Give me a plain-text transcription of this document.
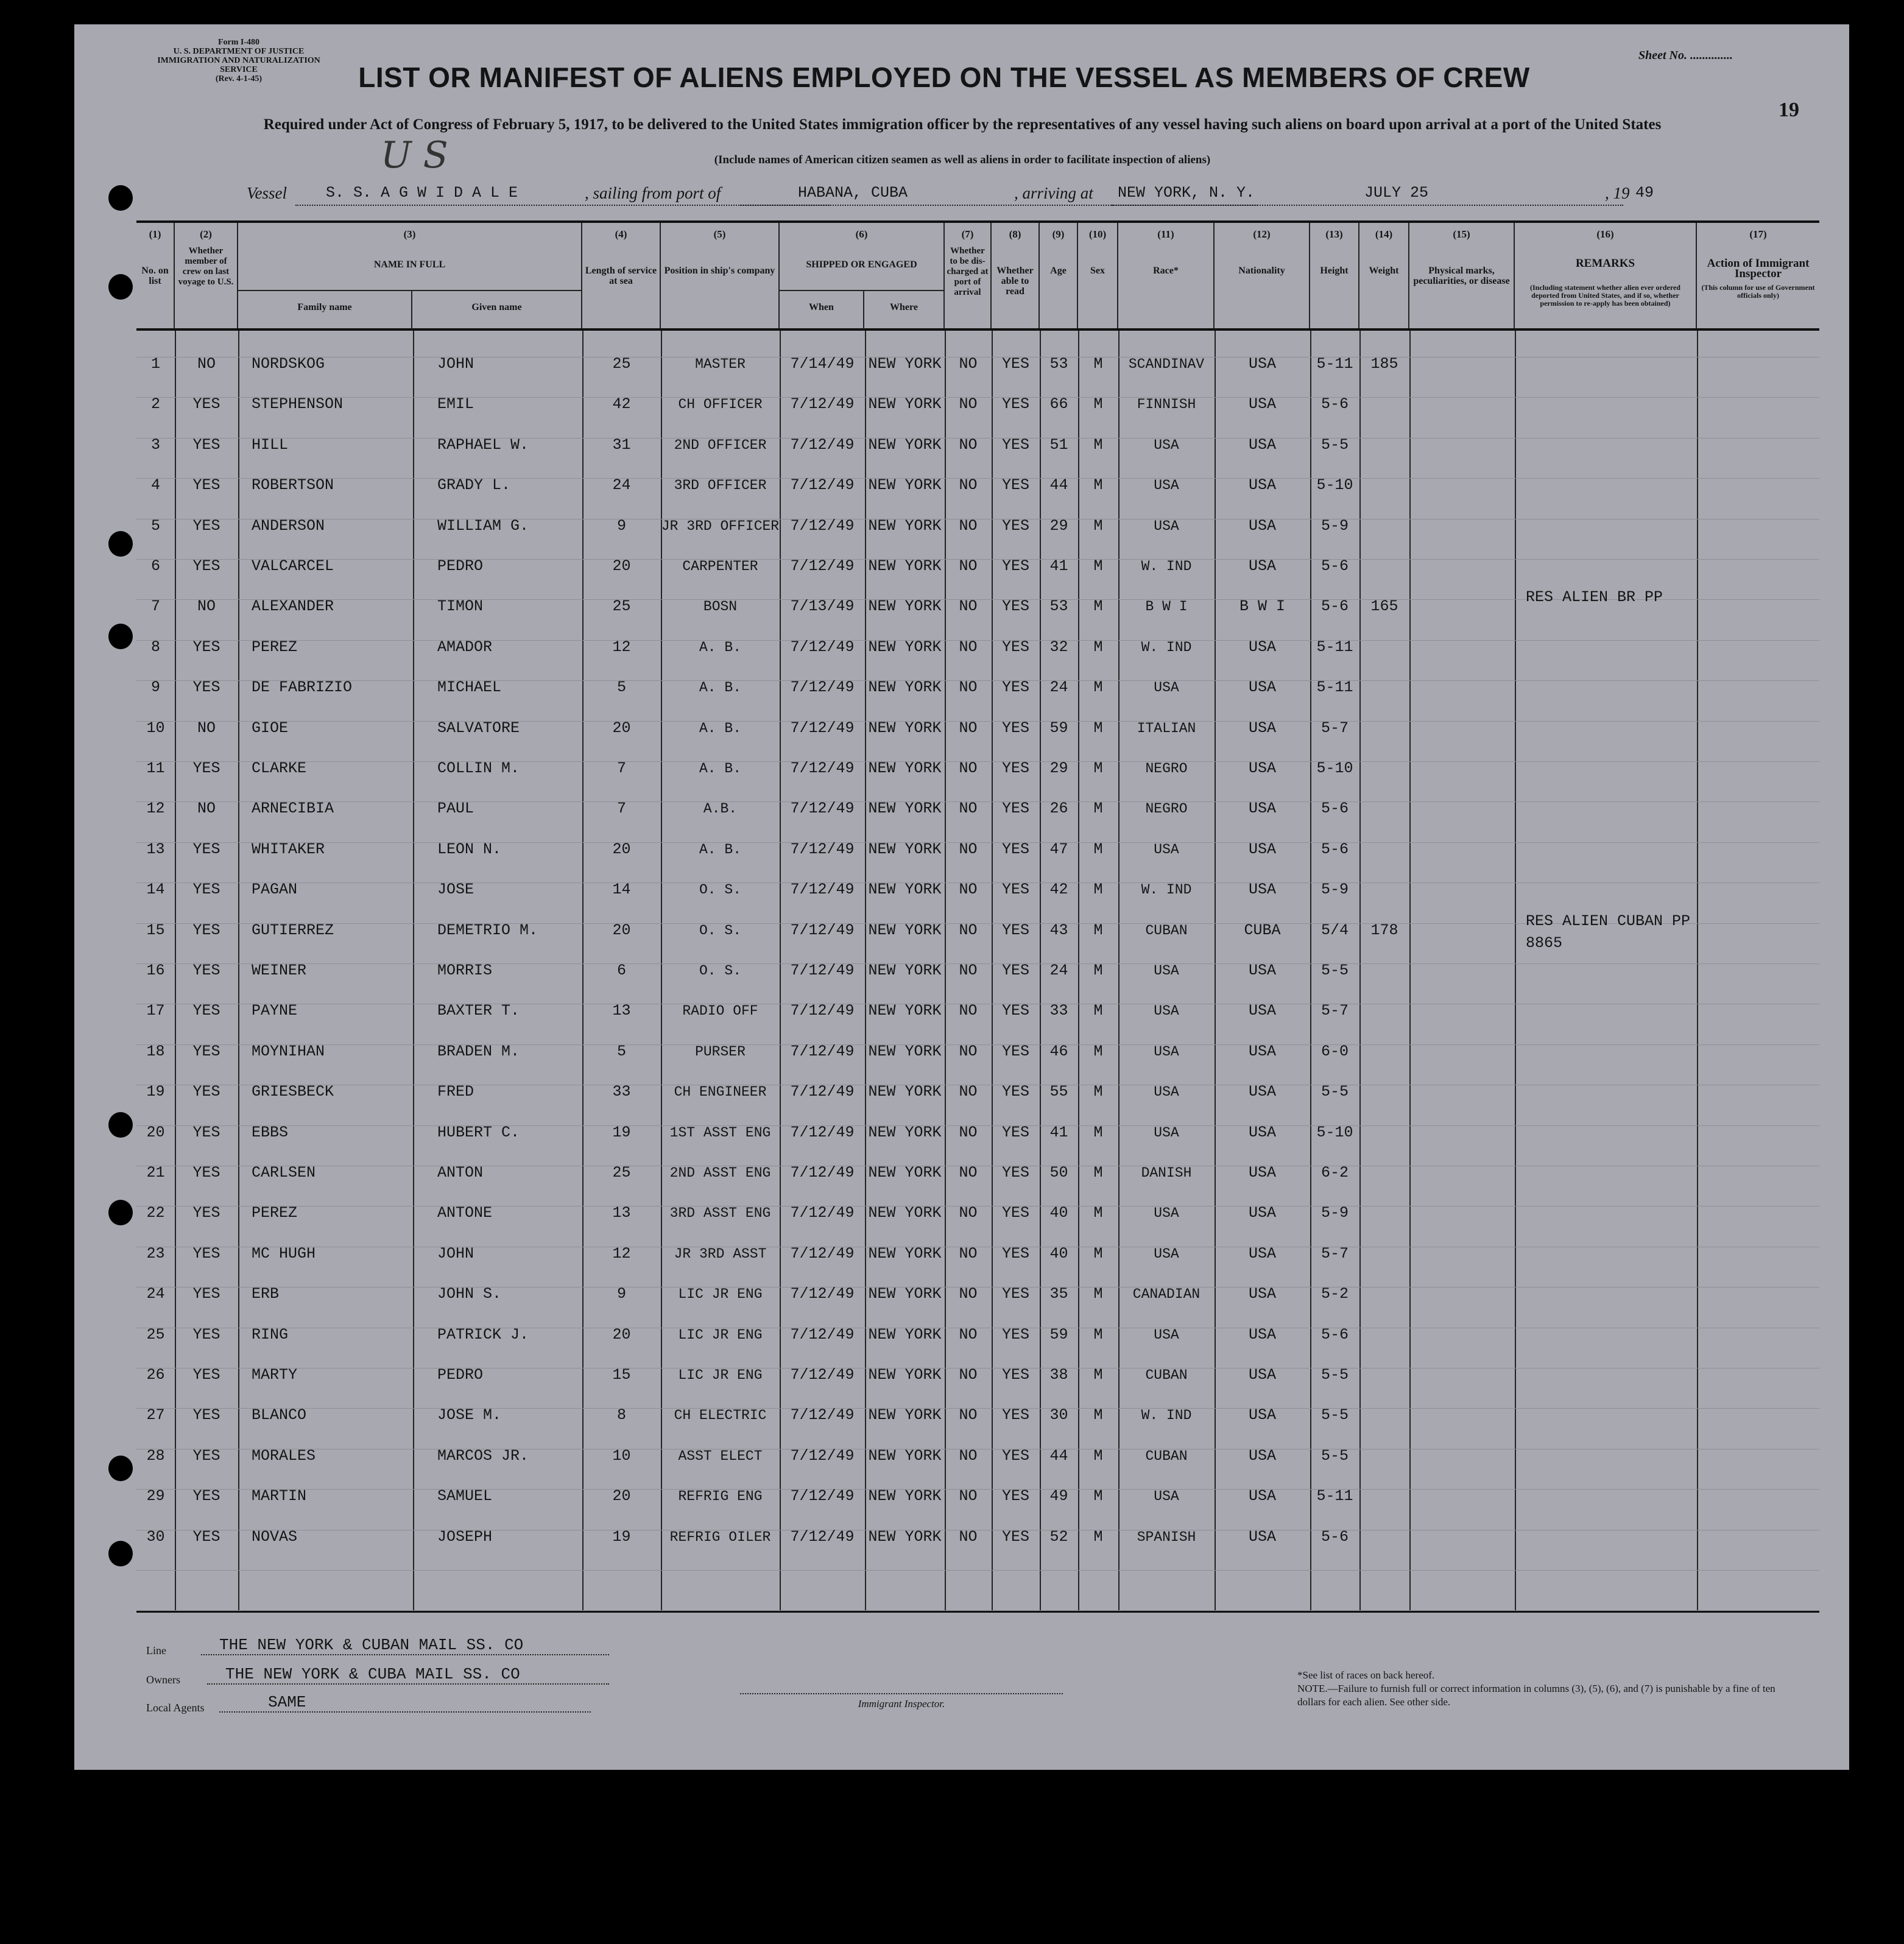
Form I-480
U. S. DEPARTMENT OF JUSTICE
IMMIGRATION AND NATURALIZATION SERVICE
(Rev. 4-1-45)
Sheet No. ..............
19
LIST OR MANIFEST OF ALIENS EMPLOYED ON THE VESSEL AS MEMBERS OF CREW
Required under Act of Congress of February 5, 1917, to be delivered to the United States immigration officer by the representatives of any vessel having such aliens on board upon arrival at a port of the United States
(Include names of American citizen seamen as well as aliens in order to facilitate inspection of aliens)
U S
Vessel	S. S. A G W I D A L E	, sailing from port of	HABANA, CUBA	, arriving at NEW YORK, N. Y.	JULY 25	, 19 49
(1)
No. on list
(2)
Whether member of crew on last voyage to U.S.
(3)
NAME IN FULL
Family name	Given name
(4)
Length of service at sea
(5)
Position in ship's company
(6)
SHIPPED OR ENGAGED
When	Where
(7)
Whether to be dis-charged at port of arrival
(8)
Whether able to read
(9)
Age
(10)
Sex
(11)
Race*
(12)
Nationality
(13)
Height
(14)
Weight
(15)
Physical marks, peculiarities, or disease
(16)
REMARKS
(Including statement whether alien ever ordered deported from United States, and if so, whether permission to re-apply has been obtained)
(17)
Action of Immigrant Inspector
(This column for use of Government officials only)
1	NO	NORDSKOG	JOHN	25	MASTER	7/14/49 NEW YORK	NO	YES	53	M	SCANDINAV	USA	5-11	185
2	YES	STEPHENSON	EMIL	42	CH OFFICER	7/12/49 NEW YORK	NO	YES	66	M	FINNISH	USA	5-6
3	YES	HILL	RAPHAEL W.	31	2ND OFFICER	7/12/49 NEW YORK	NO	YES	51	M	USA	USA	5-5
4	YES	ROBERTSON	GRADY L.	24	3RD OFFICER	7/12/49 NEW YORK	NO	YES	44	M	USA	USA	5-10
5	YES	ANDERSON	WILLIAM G.	9	JR 3RD OFFICER 7/12/49 NEW YORK	NO	YES	29	M	USA	USA	5-9
6	YES	VALCARCEL	PEDRO	20	CARPENTER	7/12/49 NEW YORK	NO	YES	41	M	W. IND	USA	5-6
7	NO	ALEXANDER	TIMON	25	BOSN	7/13/49 NEW YORK	NO	YES	53	M	B W I	B W I	5-6	165
RES ALIEN BR PP
8	YES	PEREZ	AMADOR	12	A. B.	7/12/49 NEW YORK	NO	YES	32	M	W. IND	USA	5-11
9	YES	DE FABRIZIO	MICHAEL	5	A. B.	7/12/49 NEW YORK	NO	YES	24	M	USA	USA	5-11
10	NO	GIOE	SALVATORE	20	A. B.	7/12/49 NEW YORK	NO	YES	59	M	ITALIAN	USA	5-7
11	YES	CLARKE	COLLIN M.	7	A. B.	7/12/49 NEW YORK	NO	YES	29	M	NEGRO	USA	5-10
12	NO	ARNECIBIA	PAUL	7	A.B.	7/12/49 NEW YORK	NO	YES	26	M	NEGRO	USA	5-6
13	YES	WHITAKER	LEON N.	20	A. B.	7/12/49 NEW YORK	NO	YES	47	M	USA	USA	5-6
14	YES	PAGAN	JOSE	14	O. S.	7/12/49 NEW YORK	NO	YES	42	M	W. IND	USA	5-9
15	YES	GUTIERREZ	DEMETRIO M.	20	O. S.	7/12/49 NEW YORK	NO	YES	43	M	CUBAN	CUBA	5/4	178
RES ALIEN CUBAN PP 8865
16	YES	WEINER	MORRIS	6	O. S.	7/12/49 NEW YORK	NO	YES	24	M	USA	USA	5-5
17	YES	PAYNE	BAXTER T.	13	RADIO OFF	7/12/49 NEW YORK	NO	YES	33	M	USA	USA	5-7
18	YES	MOYNIHAN	BRADEN M.	5	PURSER	7/12/49 NEW YORK	NO	YES	46	M	USA	USA	6-0
19	YES	GRIESBECK	FRED	33	CH ENGINEER	7/12/49 NEW YORK	NO	YES	55	M	USA	USA	5-5
20	YES	EBBS	HUBERT C.	19	1ST ASST ENG	7/12/49 NEW YORK	NO	YES	41	M	USA	USA	5-10
21	YES	CARLSEN	ANTON	25	2ND ASST ENG	7/12/49 NEW YORK	NO	YES	50	M	DANISH	USA	6-2
22	YES	PEREZ	ANTONE	13	3RD ASST ENG	7/12/49 NEW YORK	NO	YES	40	M	USA	USA	5-9
23	YES	MC HUGH	JOHN	12	JR 3RD ASST	7/12/49 NEW YORK	NO	YES	40	M	USA	USA	5-7
24	YES	ERB	JOHN S.	9	LIC JR ENG	7/12/49 NEW YORK	NO	YES	35	M	CANADIAN	USA	5-2
25	YES	RING	PATRICK J.	20	LIC JR ENG	7/12/49 NEW YORK	NO	YES	59	M	USA	USA	5-6
26	YES	MARTY	PEDRO	15	LIC JR ENG	7/12/49 NEW YORK	NO	YES	38	M	CUBAN	USA	5-5
27	YES	BLANCO	JOSE M.	8	CH ELECTRIC	7/12/49 NEW YORK	NO	YES	30	M	W. IND	USA	5-5
28	YES	MORALES	MARCOS JR.	10	ASST ELECT	7/12/49 NEW YORK	NO	YES	44	M	CUBAN	USA	5-5
29	YES	MARTIN	SAMUEL	20	REFRIG ENG	7/12/49 NEW YORK	NO	YES	49	M	USA	USA	5-11
30	YES	NOVAS	JOSEPH	19	REFRIG OILER	7/12/49 NEW YORK	NO	YES	52	M	SPANISH	USA	5-6
Line	THE NEW YORK & CUBAN MAIL SS. CO
Owners	THE NEW YORK & CUBA MAIL SS. CO
Local Agents	SAME	Immigrant Inspector.
*See list of races on back hereof.
NOTE.—Failure to furnish full or correct information in columns (3), (5), (6), and (7) is punishable by a fine of ten dollars for each alien. See other side.
